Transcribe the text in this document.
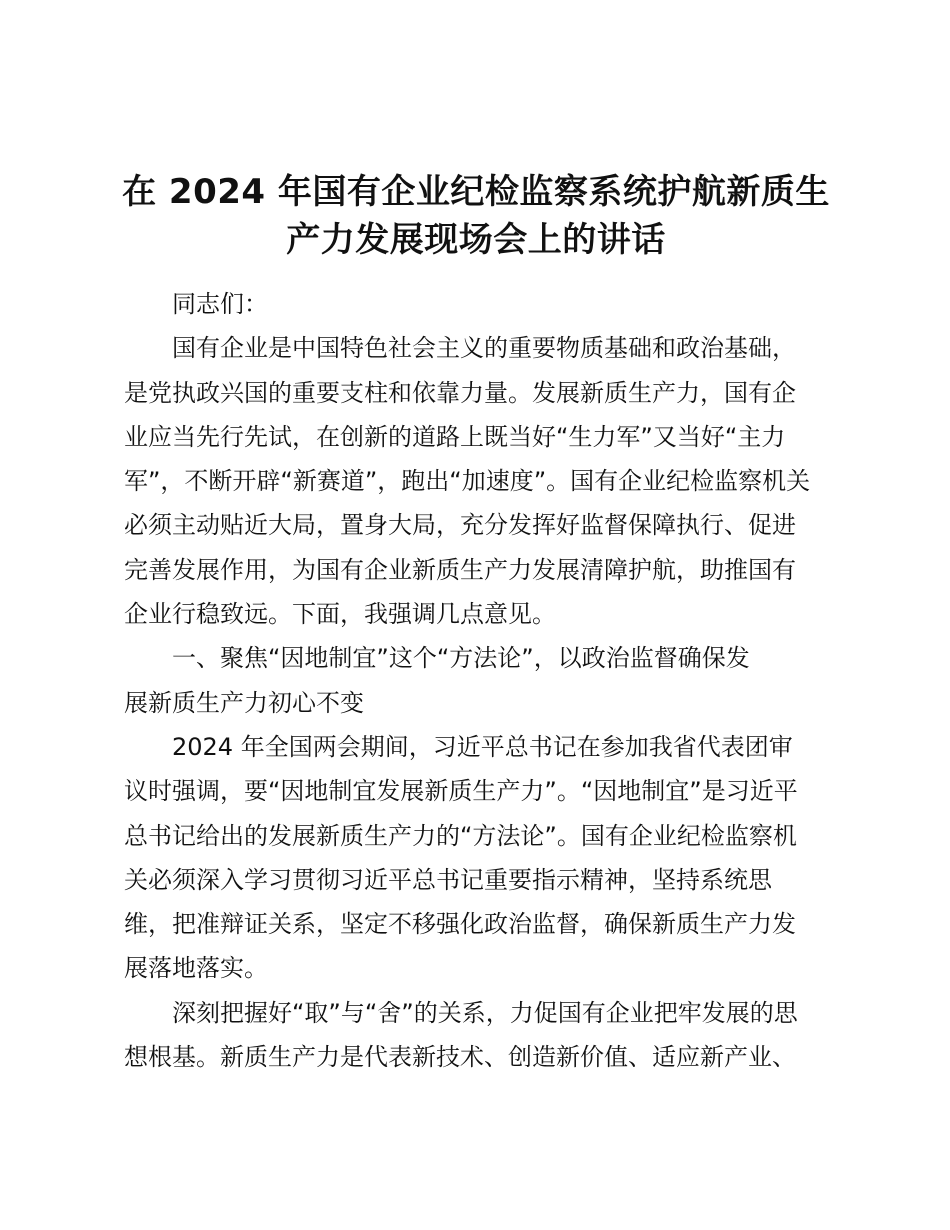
在 2024 年国有企业纪检监察系统护航新质生
产力发展现场会上的讲话
同志们：
国有企业是中国特色社会主义的重要物质基础和政治基础，
是党执政兴国的重要支柱和依靠力量。发展新质生产力，国有企
业应当先行先试，在创新的道路上既当好“生力军”又当好“主力
军”，不断开辟“新赛道”，跑出“加速度”。国有企业纪检监察机关
必须主动贴近大局，置身大局，充分发挥好监督保障执行、促进
完善发展作用，为国有企业新质生产力发展清障护航，助推国有
企业行稳致远。下面，我强调几点意见。
一、聚焦“因地制宜”这个“方法论”，以政治监督确保发
展新质生产力初心不变
2024 年全国两会期间，习近平总书记在参加我省代表团审
议时强调，要“因地制宜发展新质生产力”。“因地制宜”是习近平
总书记给出的发展新质生产力的“方法论”。国有企业纪检监察机
关必须深入学习贯彻习近平总书记重要指示精神，坚持系统思
维，把准辩证关系，坚定不移强化政治监督，确保新质生产力发
展落地落实。
深刻把握好“取”与“舍”的关系，力促国有企业把牢发展的思
想根基。新质生产力是代表新技术、创造新价值、适应新产业、
